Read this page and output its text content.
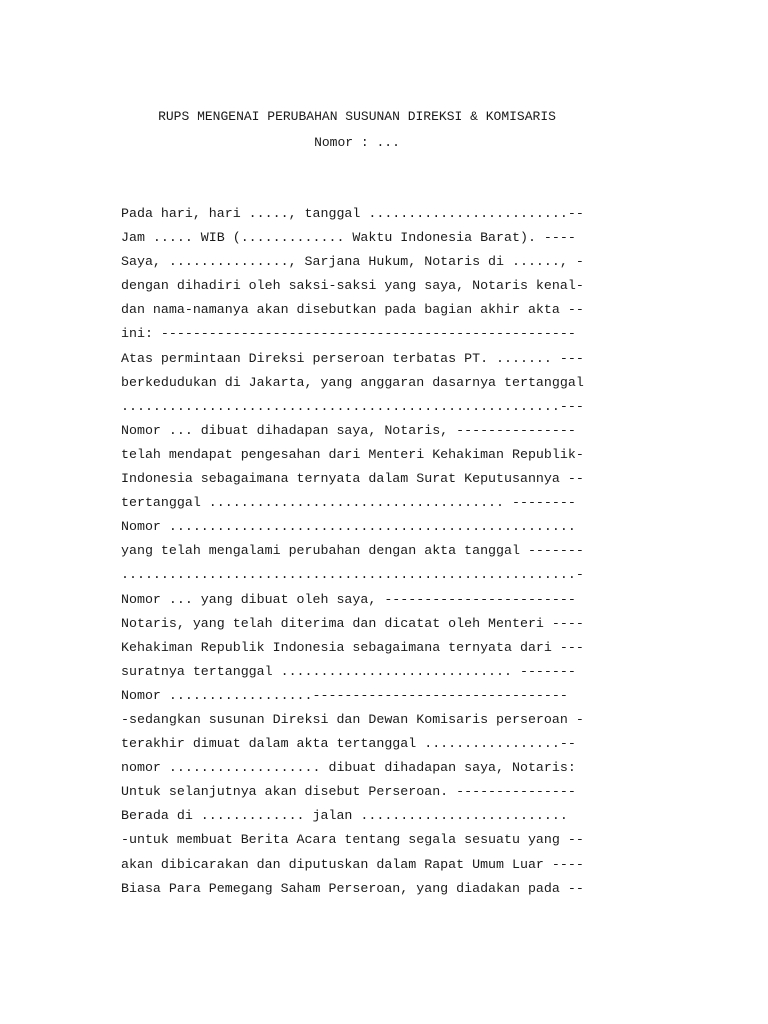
RUPS MENGENAI PERUBAHAN SUSUNAN DIREKSI & KOMISARIS

Nomor : ...

Pada hari, hari ....., tanggal .........................--
Jam ..... WIB (............. Waktu Indonesia Barat). ----
Saya, ..............., Sarjana Hukum, Notaris di ......, -
dengan dihadiri oleh saksi-saksi yang saya, Notaris kenal-
dan nama-namanya akan disebutkan pada bagian akhir akta --
ini: ----------------------------------------------------
Atas permintaan Direksi perseroan terbatas PT. ....... ---
berkedudukan di Jakarta, yang anggaran dasarnya tertanggal
.......................................................---
Nomor ... dibuat dihadapan saya, Notaris, ---------------
telah mendapat pengesahan dari Menteri Kehakiman Republik-
Indonesia sebagaimana ternyata dalam Surat Keputusannya --
tertanggal ..................................... --------
Nomor ...................................................
yang telah mengalami perubahan dengan akta tanggal -------
.........................................................-
Nomor ... yang dibuat oleh saya, ------------------------
Notaris, yang telah diterima dan dicatat oleh Menteri ----
Kehakiman Republik Indonesia sebagaimana ternyata dari ---
suratnya tertanggal ............................. -------
Nomor ..................--------------------------------
-sedangkan susunan Direksi dan Dewan Komisaris perseroan -
terakhir dimuat dalam akta tertanggal .................--
nomor ................... dibuat dihadapan saya, Notaris:
Untuk selanjutnya akan disebut Perseroan. ---------------
Berada di ............. jalan ..........................
-untuk membuat Berita Acara tentang segala sesuatu yang --
akan dibicarakan dan diputuskan dalam Rapat Umum Luar ----
Biasa Para Pemegang Saham Perseroan, yang diadakan pada --
